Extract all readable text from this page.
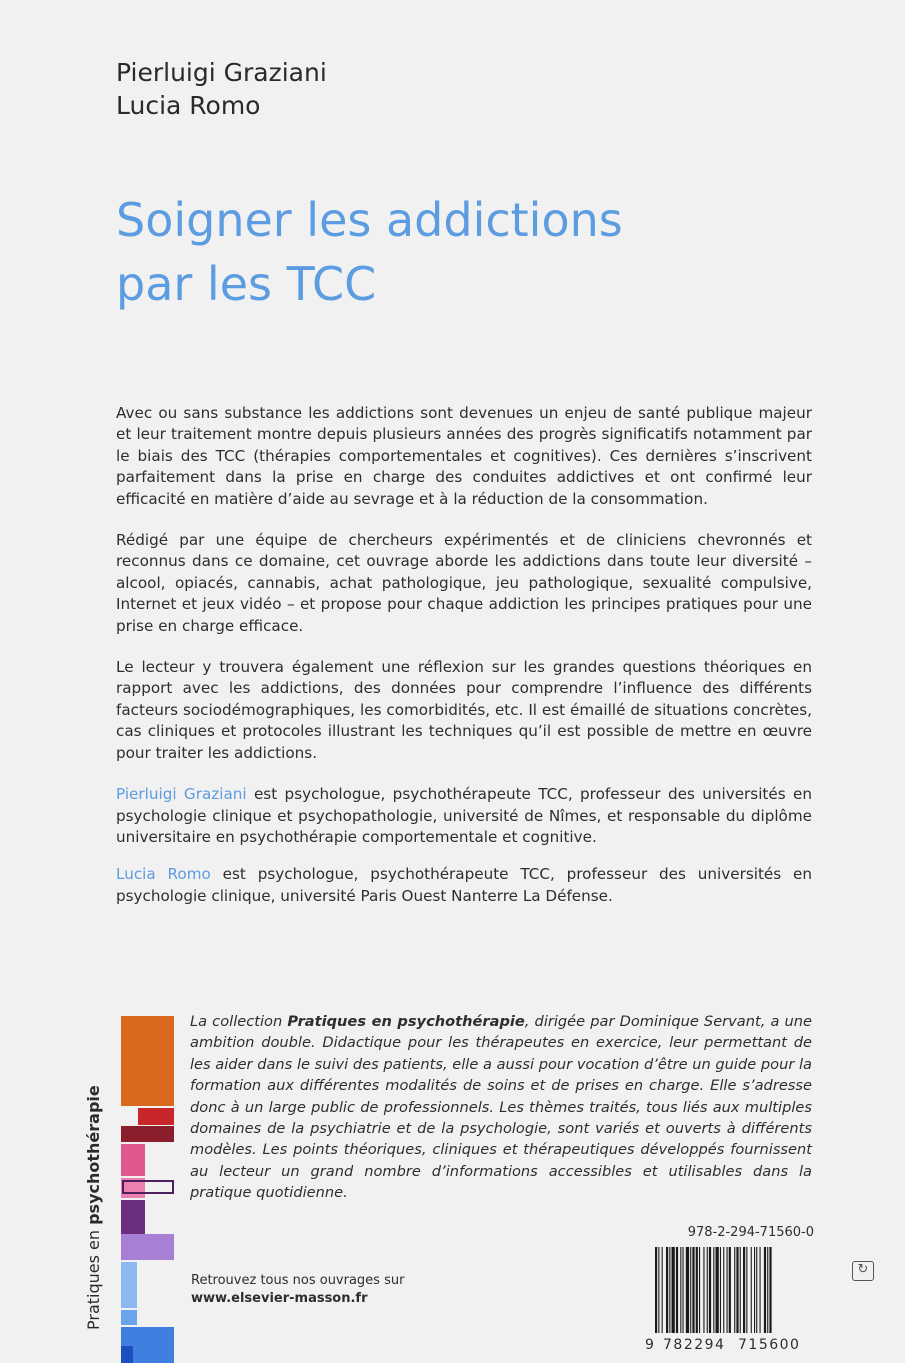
Pierluigi Graziani
Lucia Romo
Soigner les addictions
par les TCC

Avec ou sans substance les addictions sont devenues un enjeu de santé publique majeur et leur traitement montre depuis plusieurs années des progrès significatifs notamment par le biais des TCC (thérapies comportementales et cognitives). Ces dernières s’inscrivent parfaitement dans la prise en charge des conduites addictives et ont confirmé leur efficacité en matière d’aide au sevrage et à la réduction de la consommation.

Rédigé par une équipe de chercheurs expérimentés et de cliniciens chevronnés et reconnus dans ce domaine, cet ouvrage aborde les addictions dans toute leur diversité – alcool, opiacés, cannabis, achat pathologique, jeu pathologique, sexualité compulsive, Internet et jeux vidéo – et propose pour chaque addiction les principes pratiques pour une prise en charge efficace.

Le lecteur y trouvera également une réflexion sur les grandes questions théoriques en rapport avec les addictions, des données pour comprendre l’influence des différents facteurs sociodémographiques, les comorbidités, etc. Il est émaillé de situations concrètes, cas cliniques et protocoles illustrant les techniques qu’il est possible de mettre en œuvre pour traiter les addictions.

Pierluigi Graziani est psychologue, psychothérapeute TCC, professeur des universités en psychologie clinique et psychopathologie, université de Nîmes, et responsable du diplôme universitaire en psychothérapie comportementale et cognitive.

Lucia Romo est psychologue, psychothérapeute TCC, professeur des universités en psychologie clinique, université Paris Ouest Nanterre La Défense.

Pratiques en psychothérapie
La collection Pratiques en psychothérapie, dirigée par Dominique Servant, a une ambition double. Didactique pour les thérapeutes en exercice, leur permettant de les aider dans le suivi des patients, elle a aussi pour vocation d’être un guide pour la formation aux différentes modalités de soins et de prises en charge. Elle s’adresse donc à un large public de professionnels. Les thèmes traités, tous liés aux multiples domaines de la psychiatrie et de la psychologie, sont variés et ouverts à différents modèles. Les points théoriques, cliniques et thérapeutiques développés fournissent au lecteur un grand nombre d’informations accessibles et utilisables dans la pratique quotidienne.
Retrouvez tous nos ouvrages sur
www.elsevier-masson.fr
978-2-294-71560-0
9 782294 715600
↻
